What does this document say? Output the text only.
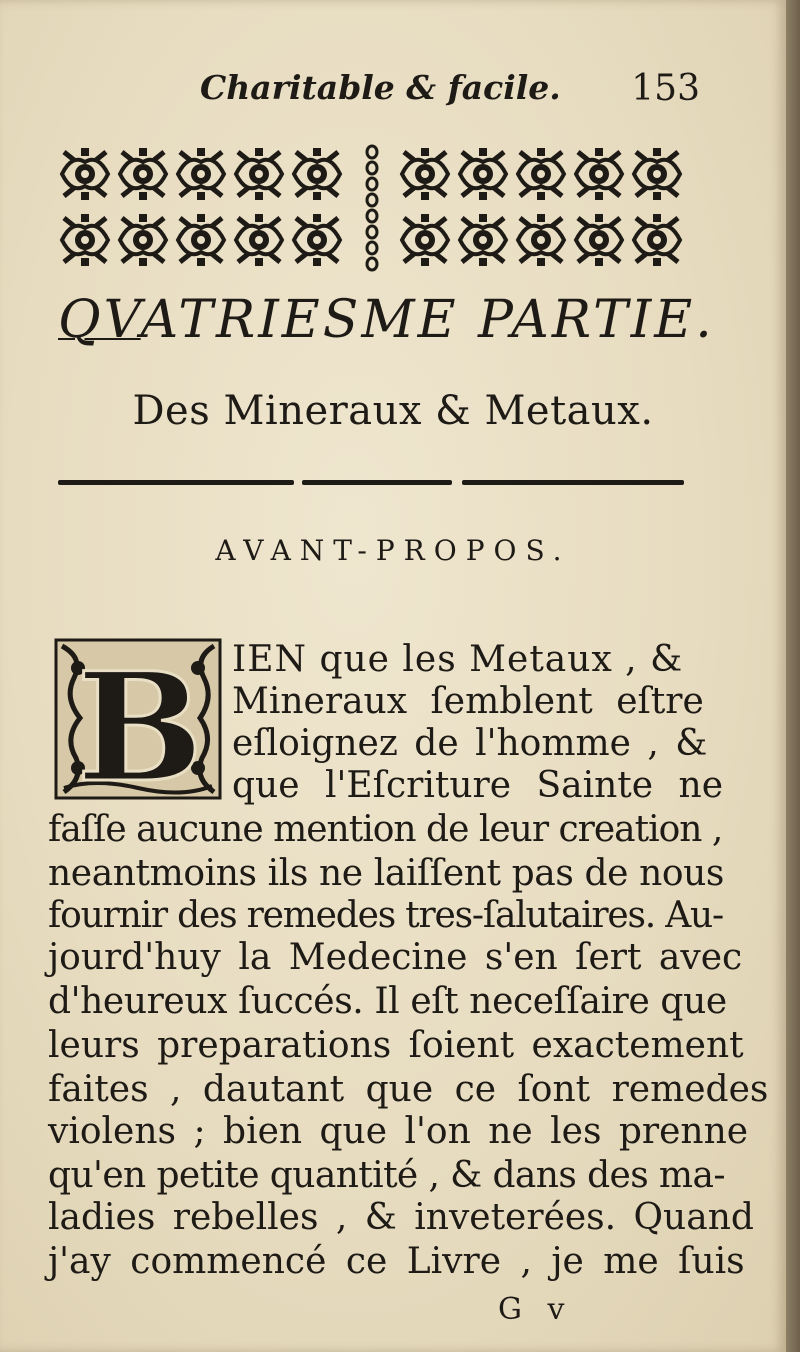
Charitable & facile. 153
QVATRIESME PARTIE.
Des Mineraux & Metaux.
AVANT-PROPOS.
B IEN que les Metaux , &
Mineraux ſemblent eſtre
eſloignez de l'homme , &
que l'Eſcriture Sainte ne
faſſe aucune mention de leur creation ,
neantmoins ils ne laiſſent pas de nous
fournir des remedes tres-ſalutaires. Au-
jourd'huy la Medecine s'en ſert avec
d'heureux ſuccés. Il eſt neceſſaire que
leurs preparations ſoient exactement
faites , dautant que ce ſont remedes
violens ; bien que l'on ne les prenne
qu'en petite quantité , & dans des ma-
ladies rebelles , & inveterées. Quand
j'ay commencé ce Livre , je me ſuis
G v
